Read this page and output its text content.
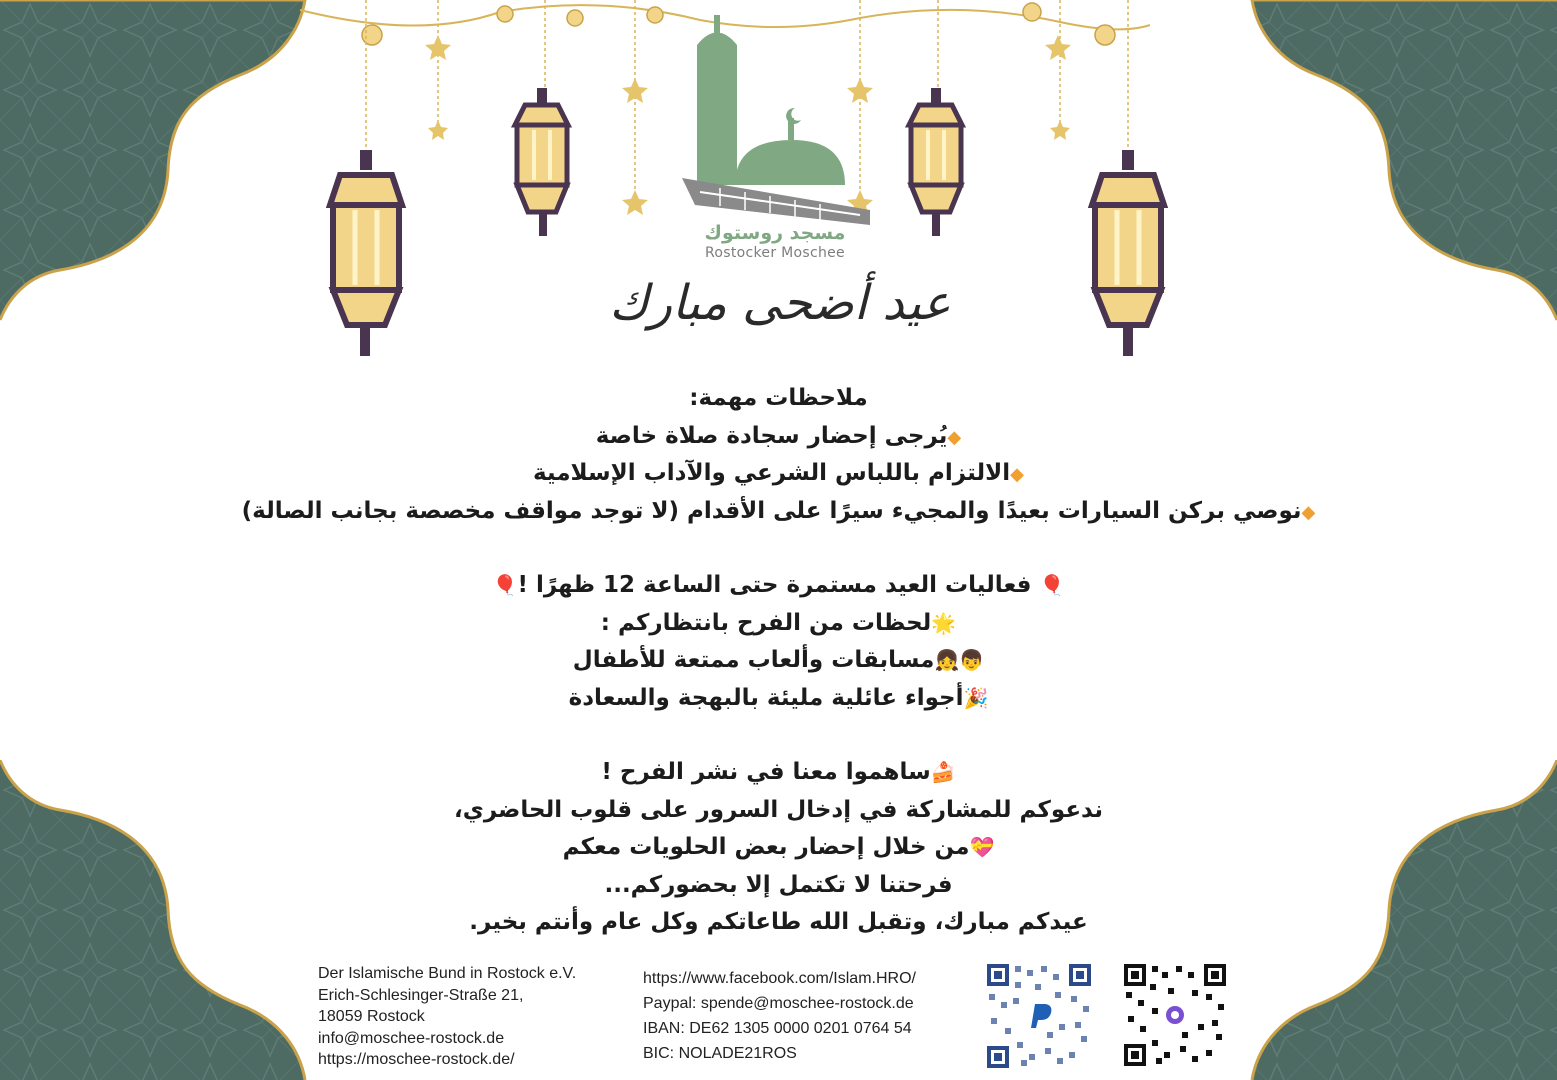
مسجد روستوك
Rostocker Moschee
عيد أضحى مبارك
ملاحظات مهمة:
◆يُرجى إحضار سجادة صلاة خاصة
◆الالتزام باللباس الشرعي والآداب الإسلامية
◆نوصي بركن السيارات بعيدًا والمجيء سيرًا على الأقدام (لا توجد مواقف مخصصة بجانب الصالة)
🎈 فعاليات العيد مستمرة حتى الساعة 12 ظهرًا !🎈
🌟لحظات من الفرح بانتظاركم :
👦👧مسابقات وألعاب ممتعة للأطفال
🎉أجواء عائلية مليئة بالبهجة والسعادة
🍰ساهموا معنا في نشر الفرح !
ندعوكم للمشاركة في إدخال السرور على قلوب الحاضري،
💝من خلال إحضار بعض الحلويات معكم
فرحتنا لا تكتمل إلا بحضوركم...
عيدكم مبارك، وتقبل الله طاعاتكم وكل عام وأنتم بخير.
Der Islamische Bund in Rostock e.V.
Erich-Schlesinger-Straße 21,
18059 Rostock
info@moschee-rostock.de
https://moschee-rostock.de/
https://www.facebook.com/Islam.HRO/
Paypal: spende@moschee-rostock.de
IBAN: DE62 1305 0000 0201 0764 54
BIC: NOLADE21ROS
